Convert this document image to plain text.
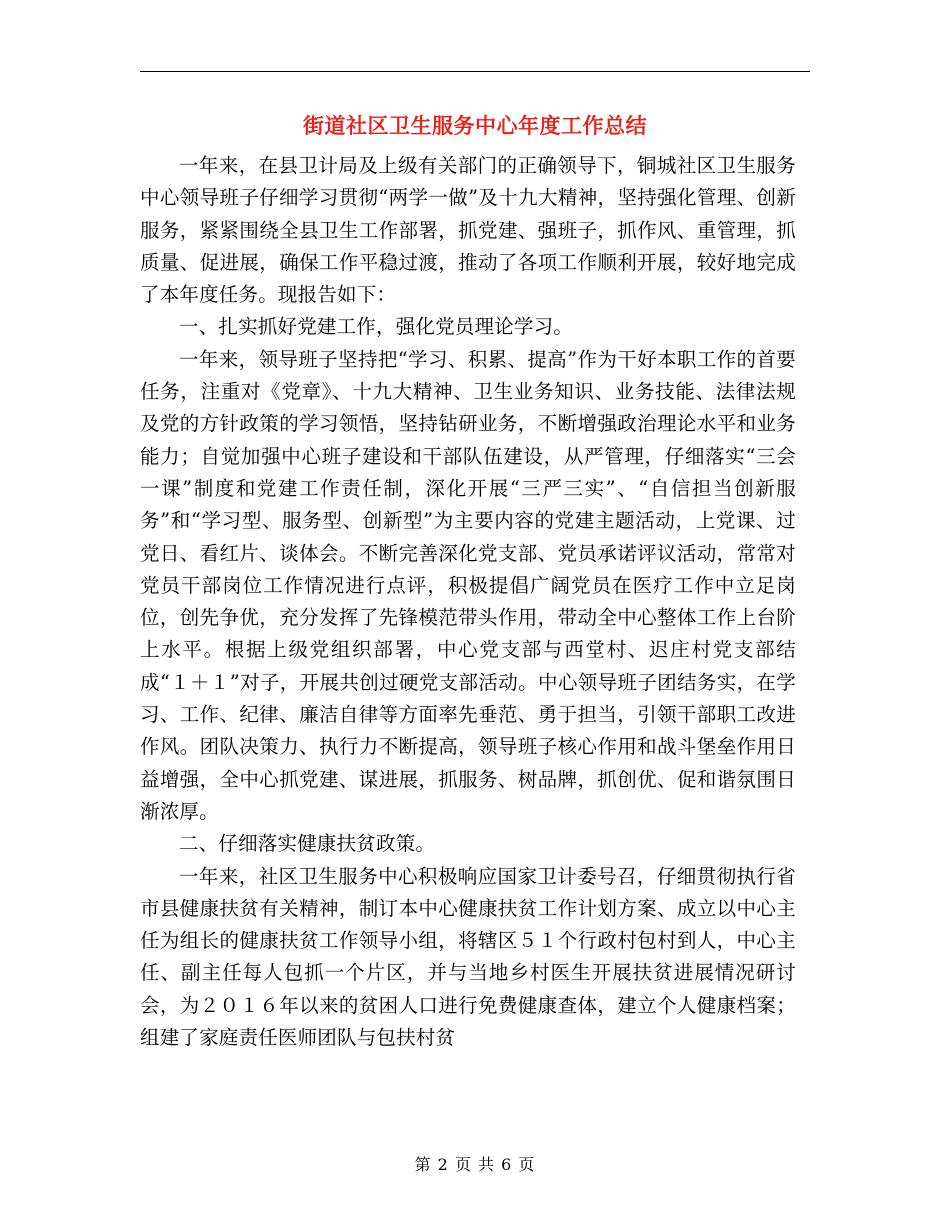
街道社区卫生服务中心年度工作总结

一年来，在县卫计局及上级有关部门的正确领导下，铜城社区卫生服务中心领导班子仔细学习贯彻“两学一做”及十九大精神，坚持强化管理、创新服务，紧紧围绕全县卫生工作部署，抓党建、强班子，抓作风、重管理，抓质量、促进展，确保工作平稳过渡，推动了各项工作顺利开展，较好地完成了本年度任务。现报告如下：

一、扎实抓好党建工作，强化党员理论学习。

一年来，领导班子坚持把“学习、积累、提高”作为干好本职工作的首要任务，注重对《党章》、十九大精神、卫生业务知识、业务技能、法律法规及党的方针政策的学习领悟，坚持钻研业务，不断增强政治理论水平和业务能力；自觉加强中心班子建设和干部队伍建设，从严管理，仔细落实“三会一课”制度和党建工作责任制，深化开展“三严三实”、“自信担当创新服务”和“学习型、服务型、创新型”为主要内容的党建主题活动，上党课、过党日、看红片、谈体会。不断完善深化党支部、党员承诺评议活动，常常对党员干部岗位工作情况进行点评，积极提倡广阔党员在医疗工作中立足岗位，创先争优，充分发挥了先锋模范带头作用，带动全中心整体工作上台阶上水平。根据上级党组织部署，中心党支部与西堂村、迟庄村党支部结成“１＋１”对子，开展共创过硬党支部活动。中心领导班子团结务实，在学习、工作、纪律、廉洁自律等方面率先垂范、勇于担当，引领干部职工改进作风。团队决策力、执行力不断提高，领导班子核心作用和战斗堡垒作用日益增强，全中心抓党建、谋进展，抓服务、树品牌，抓创优、促和谐氛围日渐浓厚。

二、仔细落实健康扶贫政策。

一年来，社区卫生服务中心积极响应国家卫计委号召，仔细贯彻执行省市县健康扶贫有关精神，制订本中心健康扶贫工作计划方案、成立以中心主任为组长的健康扶贫工作领导小组，将辖区５１个行政村包村到人，中心主任、副主任每人包抓一个片区，并与当地乡村医生开展扶贫进展情况研讨会，为２０１６年以来的贫困人口进行免费健康查体，建立个人健康档案；组建了家庭责任医师团队与包扶村贫

第 2 页 共 6 页
